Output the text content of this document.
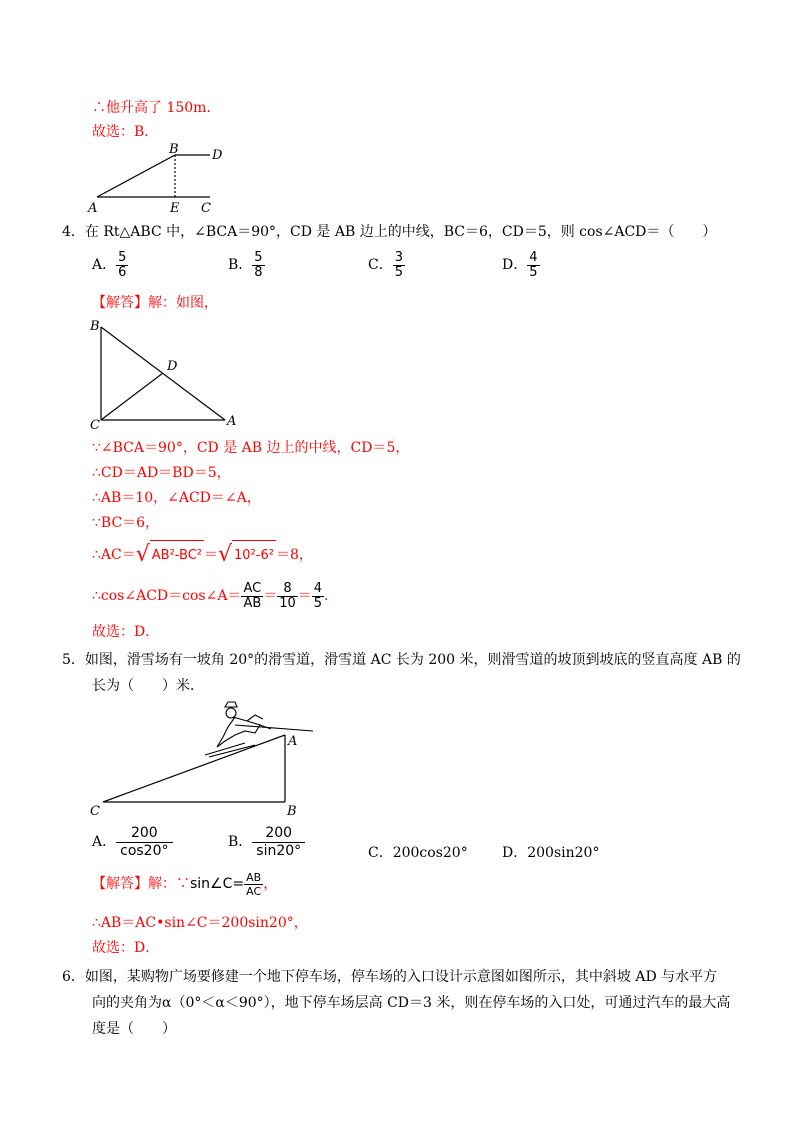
∴他升高了 150m．
故选：B．
A
B	D
E C
4．在 Rt△ABC 中，∠BCA＝90°，CD 是 AB 边上的中线，BC＝6，CD＝5，则 cos∠ACD＝（　　）
A． $\frac{5}{6}$	B． $\frac{5}{8}$	C． $\frac{3}{5}$	D． $\frac{4}{5}$
【解答】解：如图，
B
C	A
D
∵∠BCA＝90°，CD 是 AB 边上的中线，CD＝5，
∴CD＝AD＝BD＝5，
∴AB＝10，∠ACD＝∠A，
∵BC＝6，
∴AC＝√ AB²-BC² ＝√ 10²-6² ＝8，
∴cos∠ACD＝cos∠A＝ $\frac{AC}{AB} = \frac{8}{10} = \frac{4}{5}$ ．
故选：D．
5．如图，滑雪场有一坡角 20°的滑雪道，滑雪道 AC 长为 200 米，则滑雪道的坡顶到坡底的竖直高度 AB 的
长为（　　）米．
A
B
C
A． $\frac{200}{\cos 20^\circ}$	B． $\frac{200}{\sin 20^\circ}$	C．200cos20° D．200sin20°
【解答】解：∵sin∠C= $\frac{AB}{AC}$ ，
∴AB＝AC•sin∠C＝200sin20°，
故选：D．
6．如图，某购物广场要修建一个地下停车场，停车场的入口设计示意图如图所示，其中斜坡 AD 与水平方
向的夹角为α（0°＜α＜90°），地下停车场层高 CD＝3 米，则在停车场的入口处，可通过汽车的最大高
度是（　　）
